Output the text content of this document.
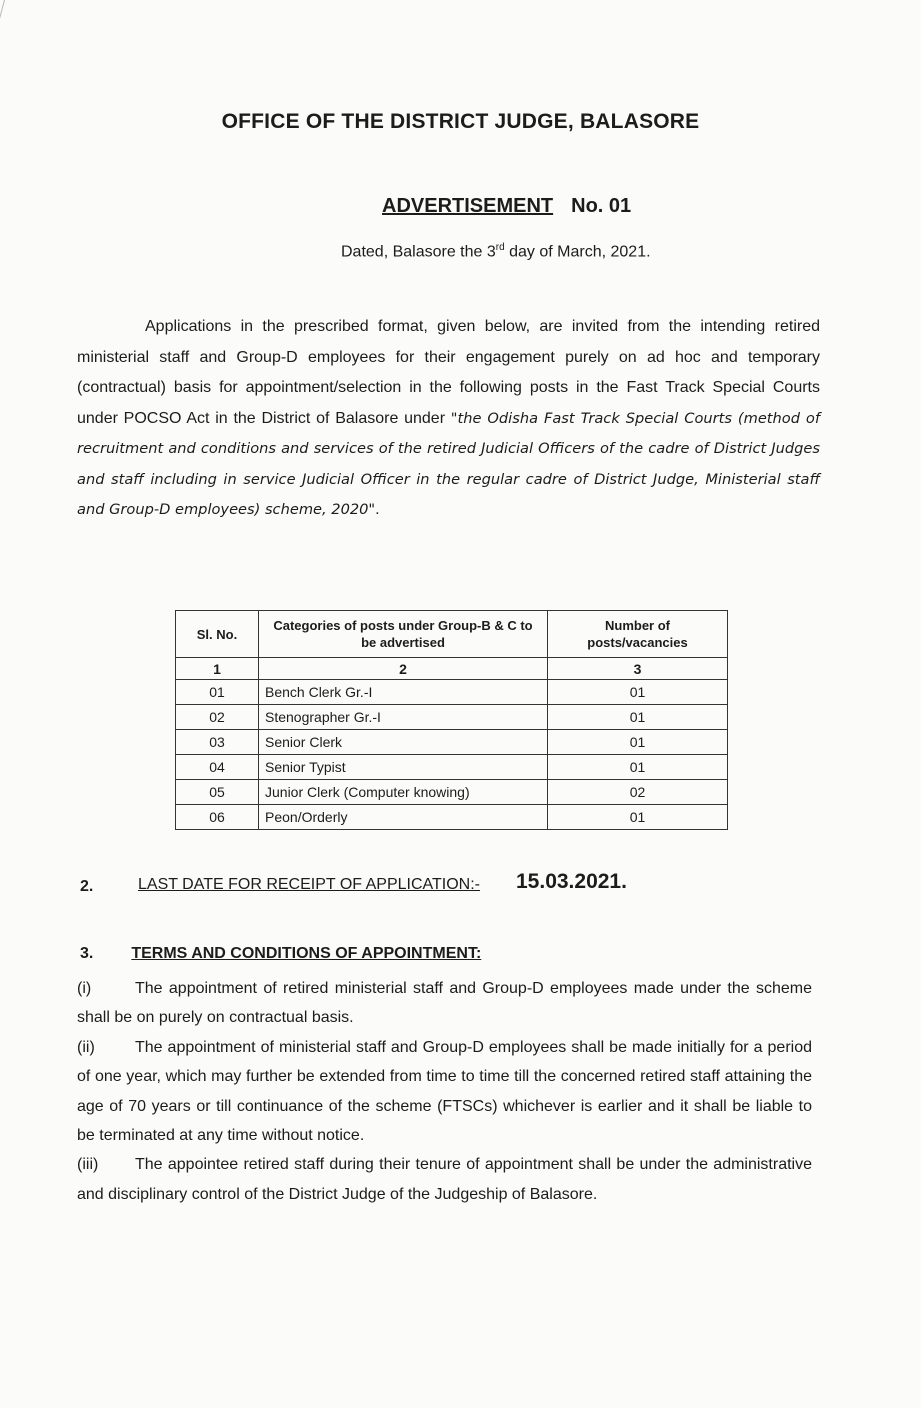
OFFICE OF THE DISTRICT JUDGE, BALASORE
ADVERTISEMENT No. 01
Dated, Balasore the 3rd day of March, 2021.
Applications in the prescribed format, given below, are invited from the intending retired ministerial staff and Group-D employees for their engagement purely on ad hoc and temporary (contractual) basis for appointment/selection in the following posts in the Fast Track Special Courts under POCSO Act in the District of Balasore under "the Odisha Fast Track Special Courts (method of recruitment and conditions and services of the retired Judicial Officers of the cadre of District Judges and staff including in service Judicial Officer in the regular cadre of District Judge, Ministerial staff and Group-D employees) scheme, 2020".
Sl. No.	Categories of posts under Group-B & C to be advertised	Number of posts/vacancies
1	2	3
01	Bench Clerk Gr.-I	01
02	Stenographer Gr.-I	01
03	Senior Clerk	01
04	Senior Typist	01
05	Junior Clerk (Computer knowing)	02
06	Peon/Orderly	01
2.	LAST DATE FOR RECEIPT OF APPLICATION:- 15.03.2021.
3. TERMS AND CONDITIONS OF APPOINTMENT:

(i)	The appointment of retired ministerial staff and Group-D employees made under the scheme shall be on purely on contractual basis.

(ii)	The appointment of ministerial staff and Group-D employees shall be made initially for a period of one year, which may further be extended from time to time till the concerned retired staff attaining the age of 70 years or till continuance of the scheme (FTSCs) whichever is earlier and it shall be liable to be terminated at any time without notice.

(iii) The appointee retired staff during their tenure of appointment shall be under the administrative and disciplinary control of the District Judge of the Judgeship of Balasore.
